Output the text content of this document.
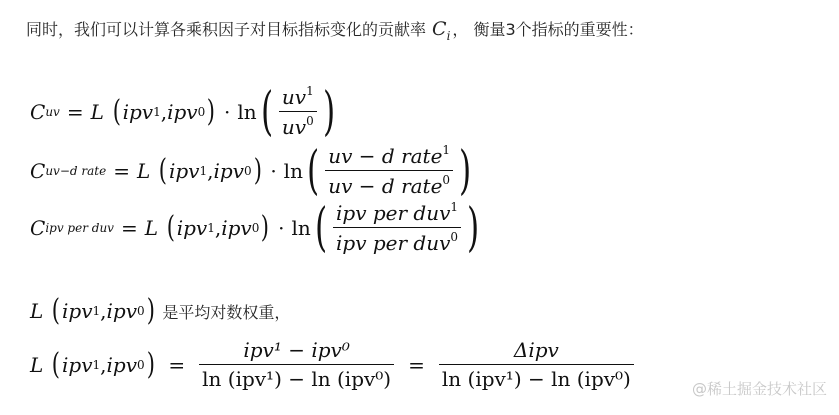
同时，我们可以计算各乘积因子对目标指标变化的贡献率 $C_i$ ， 衡量3个指标的重要性：
C uv = L ( ipv 1 , ipv 0 ) · ln ( $\frac{uv^1}{uv^0}$ )
C uv−d rate = L ( ipv 1 , ipv 0 ) · ln ( $\frac{uv - d rate^1}{uv - d rate^0}$ )
C ipv per duv = L ( ipv 1 , ipv 0 ) · ln ( $\frac{ipv per duv^1}{ipv per duv^0}$ )
L ( ipv 1 , ipv 0 ) 是平均对数权重，
L ( ipv 1 , ipv 0 ) = $\frac{\text{ipv¹ − ipv⁰}}{\text{ln (ipv¹) − ln (ipv⁰)}} = \frac{\text{Δipv}}{\text{ln (ipv¹) − ln (ipv⁰)}}$	@稀土掘金技术社区
